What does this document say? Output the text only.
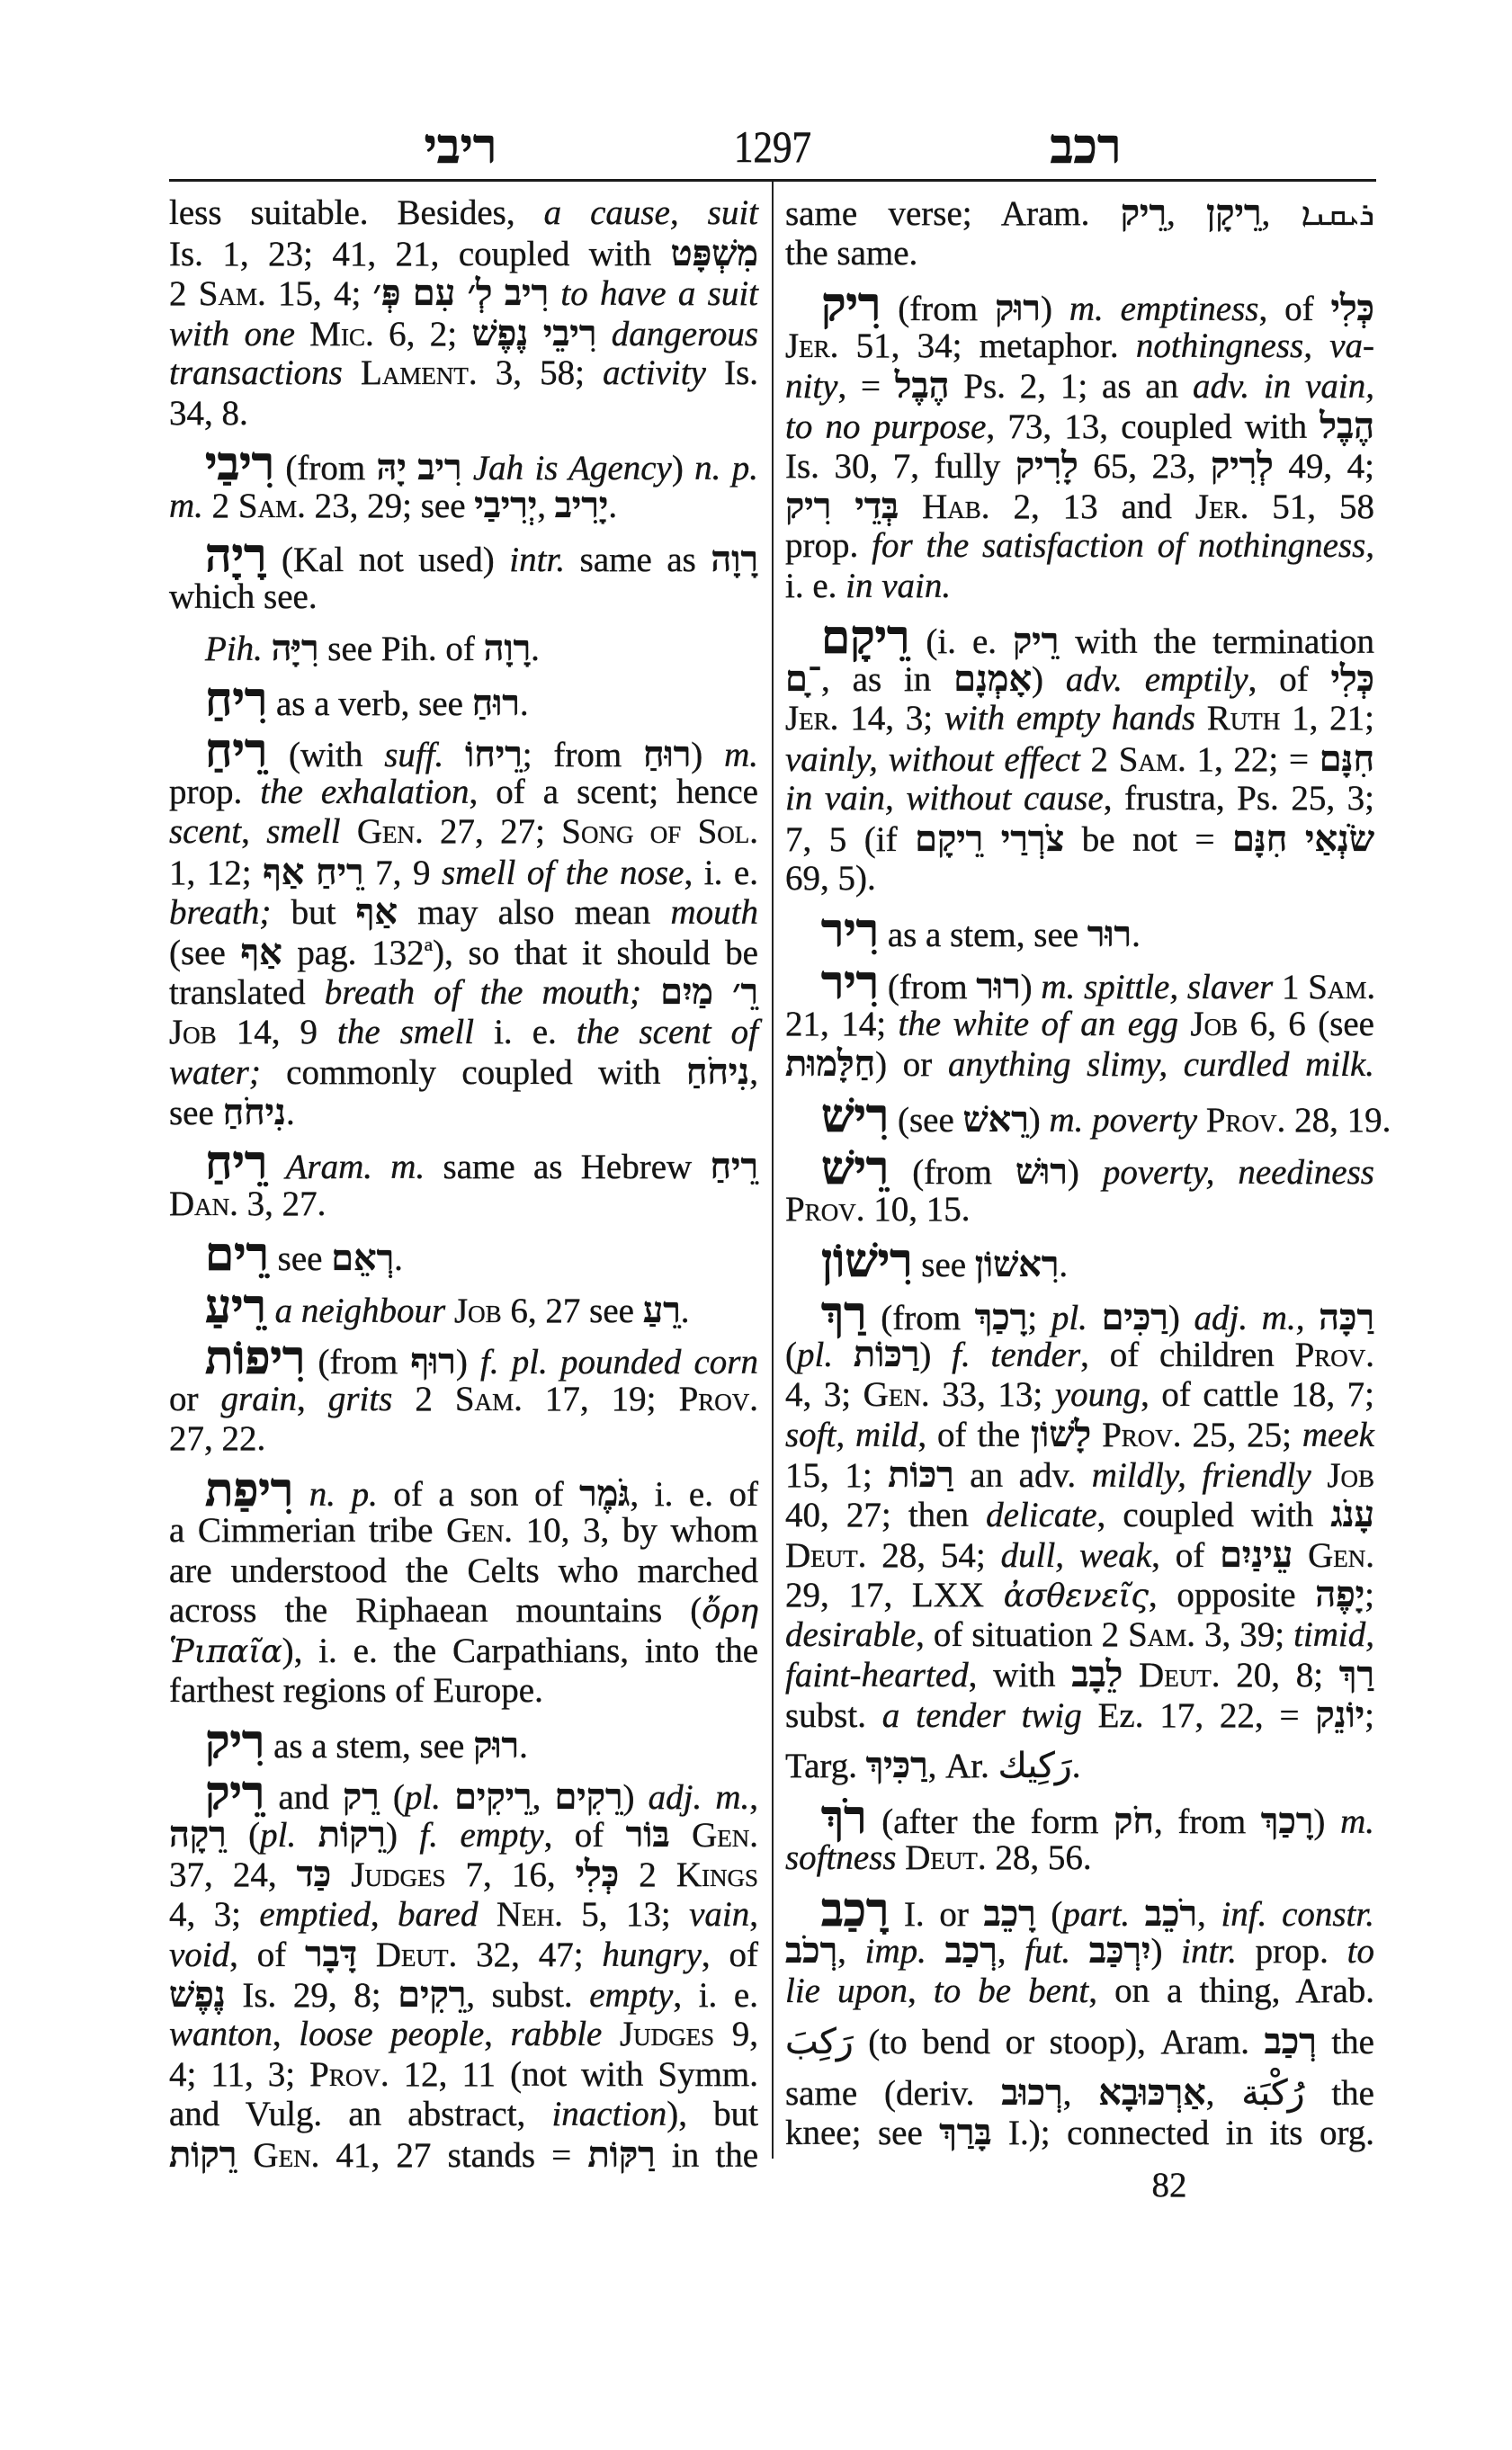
ריבי	1297	רכב
less suitable. Besides, a cause, suit
Is. 1, 23; 41, 21, coupled with מִשְׁפָּט
2 Sam. 15, 4; רִיב לְ׳ עִם פְּ׳ to have a suit
with one Mic. 6, 2; רִיבֵי נֶפֶשׁ dangerous
transactions Lament. 3, 58; activity Is.
34, 8.
רִיבַי (from רִיב יָהּ Jah is Agency) n. p.
m. 2 Sam. 23, 29; see יְרִיבַי, יָרִיב.
רָיָה (Kal not used) intr. same as רָוָה
which see.
Pih. רִיָּה see Pih. of רָוָה.
רִיחַ as a verb, see רוּחַ.
רֵיחַ (with suff. רֵיחוֹ; from רוּחַ) m.
prop. the exhalation, of a scent; hence
scent, smell Gen. 27, 27; Song of Sol.
1, 12; רֵיחַ אַף 7, 9 smell of the nose, i. e.
breath; but אַף may also mean mouth
(see אַף pag. 132$^a$), so that it should be
translated breath of the mouth; רֵ׳ מַיִם
Job 14, 9 the smell i. e. the scent of
water; commonly coupled with נִיחֹחַ,
see נִיחֹחַ.
רֵיחַ Aram. m. same as Hebrew רֵיחַ
Dan. 3, 27.
רֵים see רְאֵם.
רֵיעַ a neighbour Job 6, 27 see רֵעַ.
רִיפוֹת (from רוּף) f. pl. pounded corn
or grain, grits 2 Sam. 17, 19; Prov.
27, 22.
רִיפַת n. p. of a son of גֹּמֶר, i. e. of
a Cimmerian tribe Gen. 10, 3, by whom
are understood the Celts who marched
across the Riphaean mountains (ὄρη
Ῥιπαῖα), i. e. the Carpathians, into the
farthest regions of Europe.
רִיק as a stem, see רוּק.
רֵיק and רֵק (pl. רֵיקִים, רֵקִים) adj. m.,
רֵקָה (pl. רֵקוֹת) f. empty, of בּוֹר Gen.
37, 24, כַּד Judges 7, 16, כְּלִי 2 Kings
4, 3; emptied, bared Neh. 5, 13; vain,
void, of דָּבָר Deut. 32, 47; hungry, of
נֶפֶשׁ Is. 29, 8; רֵקִים, subst. empty, i. e.
wanton, loose people, rabble Judges 9,
4; 11, 3; Prov. 12, 11 (not with Symm.
and Vulg. an abstract, inaction), but
רֵקוֹת Gen. 41, 27 stands = רַקּוֹת in the
same verse; Aram. רֵיק, רֵיקָן, ܪܝܩܢܐ
the same.
רִיק (from רוּק) m. emptiness, of כְּלִי
Jer. 51, 34; metaphor. nothingness, va-
nity, = הֶבֶל Ps. 2, 1; as an adv. in vain,
to no purpose, 73, 13, coupled with הֶבֶל
Is. 30, 7, fully לָרִיק 65, 23, לְרִיק 49, 4;
בְּדֵי רִיק Hab. 2, 13 and Jer. 51, 58
prop. for the satisfaction of nothingness,
i. e. in vain.
רֵיקָם (i. e. רֵיק with the termination
־ָם, as in אָמְנָם) adv. emptily, of כְּלִי
Jer. 14, 3; with empty hands Ruth 1, 21;
vainly, without effect 2 Sam. 1, 22; = חִנָּם
in vain, without cause, frustra, Ps. 25, 3;
7, 5 (if צֹרְרַי רֵיקָם be not = שֹׂנְאַי חִנָּם
69, 5).
רִיר as a stem, see רוּר.
רִיר (from רוּר) m. spittle, slaver 1 Sam.
21, 14; the white of an egg Job 6, 6 (see
חַלָּמוּת) or anything slimy, curdled milk.
רִישׁ (see רֵאשׁ) m. poverty Prov. 28, 19.
רֵישׁ (from רוּשׁ) poverty, neediness
Prov. 10, 15.
רִישׁוֹן see רִאשׁוֹן.
רַךְ (from רָכַךְ; pl. רַכִּים) adj. m., רַכָּה
(pl. רַכּוֹת) f. tender, of children Prov.
4, 3; Gen. 33, 13; young, of cattle 18, 7;
soft, mild, of the לָשׁוֹן Prov. 25, 25; meek
15, 1; רַכּוֹת an adv. mildly, friendly Job
40, 27; then delicate, coupled with עָנֹג
Deut. 28, 54; dull, weak, of עֵינַיִם Gen.
29, 17, LXX ἀσθενεῖς, opposite יָפֶה;
desirable, of situation 2 Sam. 3, 39; timid,
faint-hearted, with לֵבָב Deut. 20, 8; רַךְ
subst. a tender twig Ez. 17, 22, = יוֹנֵק;
Targ. רַכִּיךְ, Ar. رَكِيك.
רֹךְ (after the form חֹק, from רָכַךְ) m.
softness Deut. 28, 56.
רָכַב I. or רָכֵב (part. רֹכֵב, inf. constr.
רְכֹב, imp. רְכַב, fut. יִרְכַּב) intr. prop. to
lie upon, to be bent, on a thing, Arab.
رَكِبَ (to bend or stoop), Aram. רְכַב the
same (deriv. רְכוּב, אַרְכּוּבָא, رُكْبَة the
knee; see בָּרַךְ I.); connected in its org.
82
